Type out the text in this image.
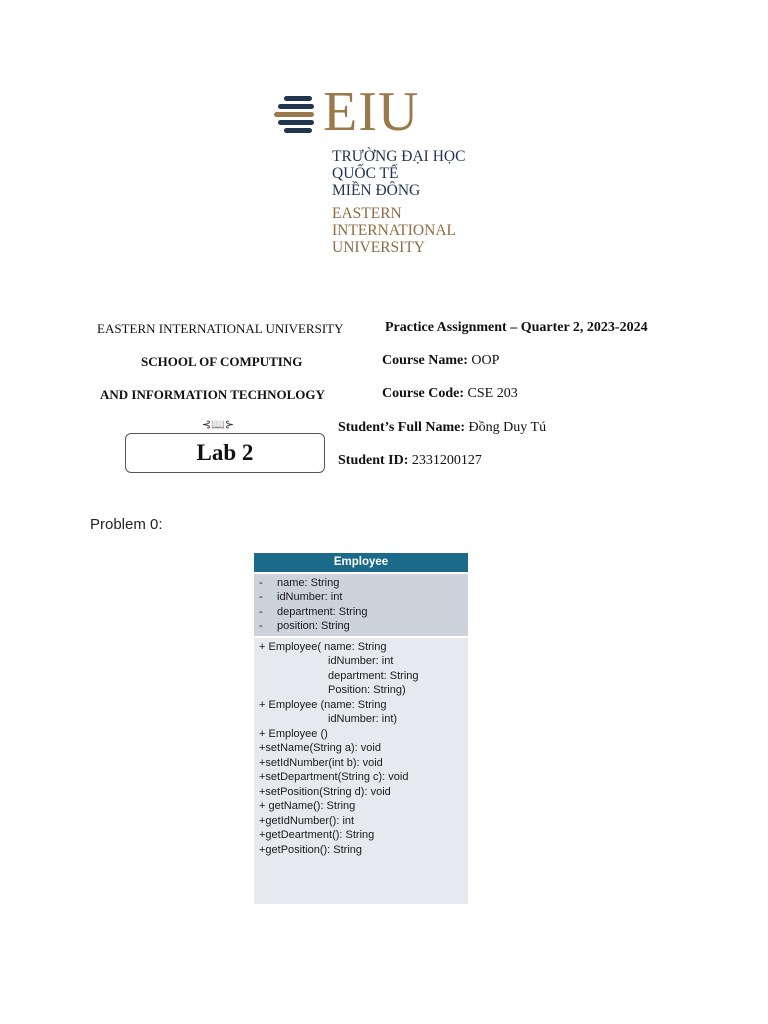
EIU
TRƯỜNG ĐẠI HỌC
QUỐC TẾ
MIỀN ĐÔNG
EASTERN
INTERNATIONAL
UNIVERSITY
EASTERN INTERNATIONAL UNIVERSITY
SCHOOL OF COMPUTING
AND INFORMATION TECHNOLOGY
Practice Assignment – Quarter 2, 2023-2024
Course Name: OOP
Course Code: CSE 203
Student’s Full Name: Đồng Duy Tú
Student ID: 2331200127
⊰📖⊱
Lab 2
Problem 0:
Employee
- name: String
- idNumber: int
- department: String
- position: String
+ Employee( name: String
idNumber: int
department: String
Position: String)
+ Employee (name: String
idNumber: int)
+ Employee ()
+setName(String a): void
+setIdNumber(int b): void
+setDepartment(String c): void
+setPosition(String d): void
+ getName(): String
+getIdNumber(): int
+getDeartment(): String
+getPosition(): String
